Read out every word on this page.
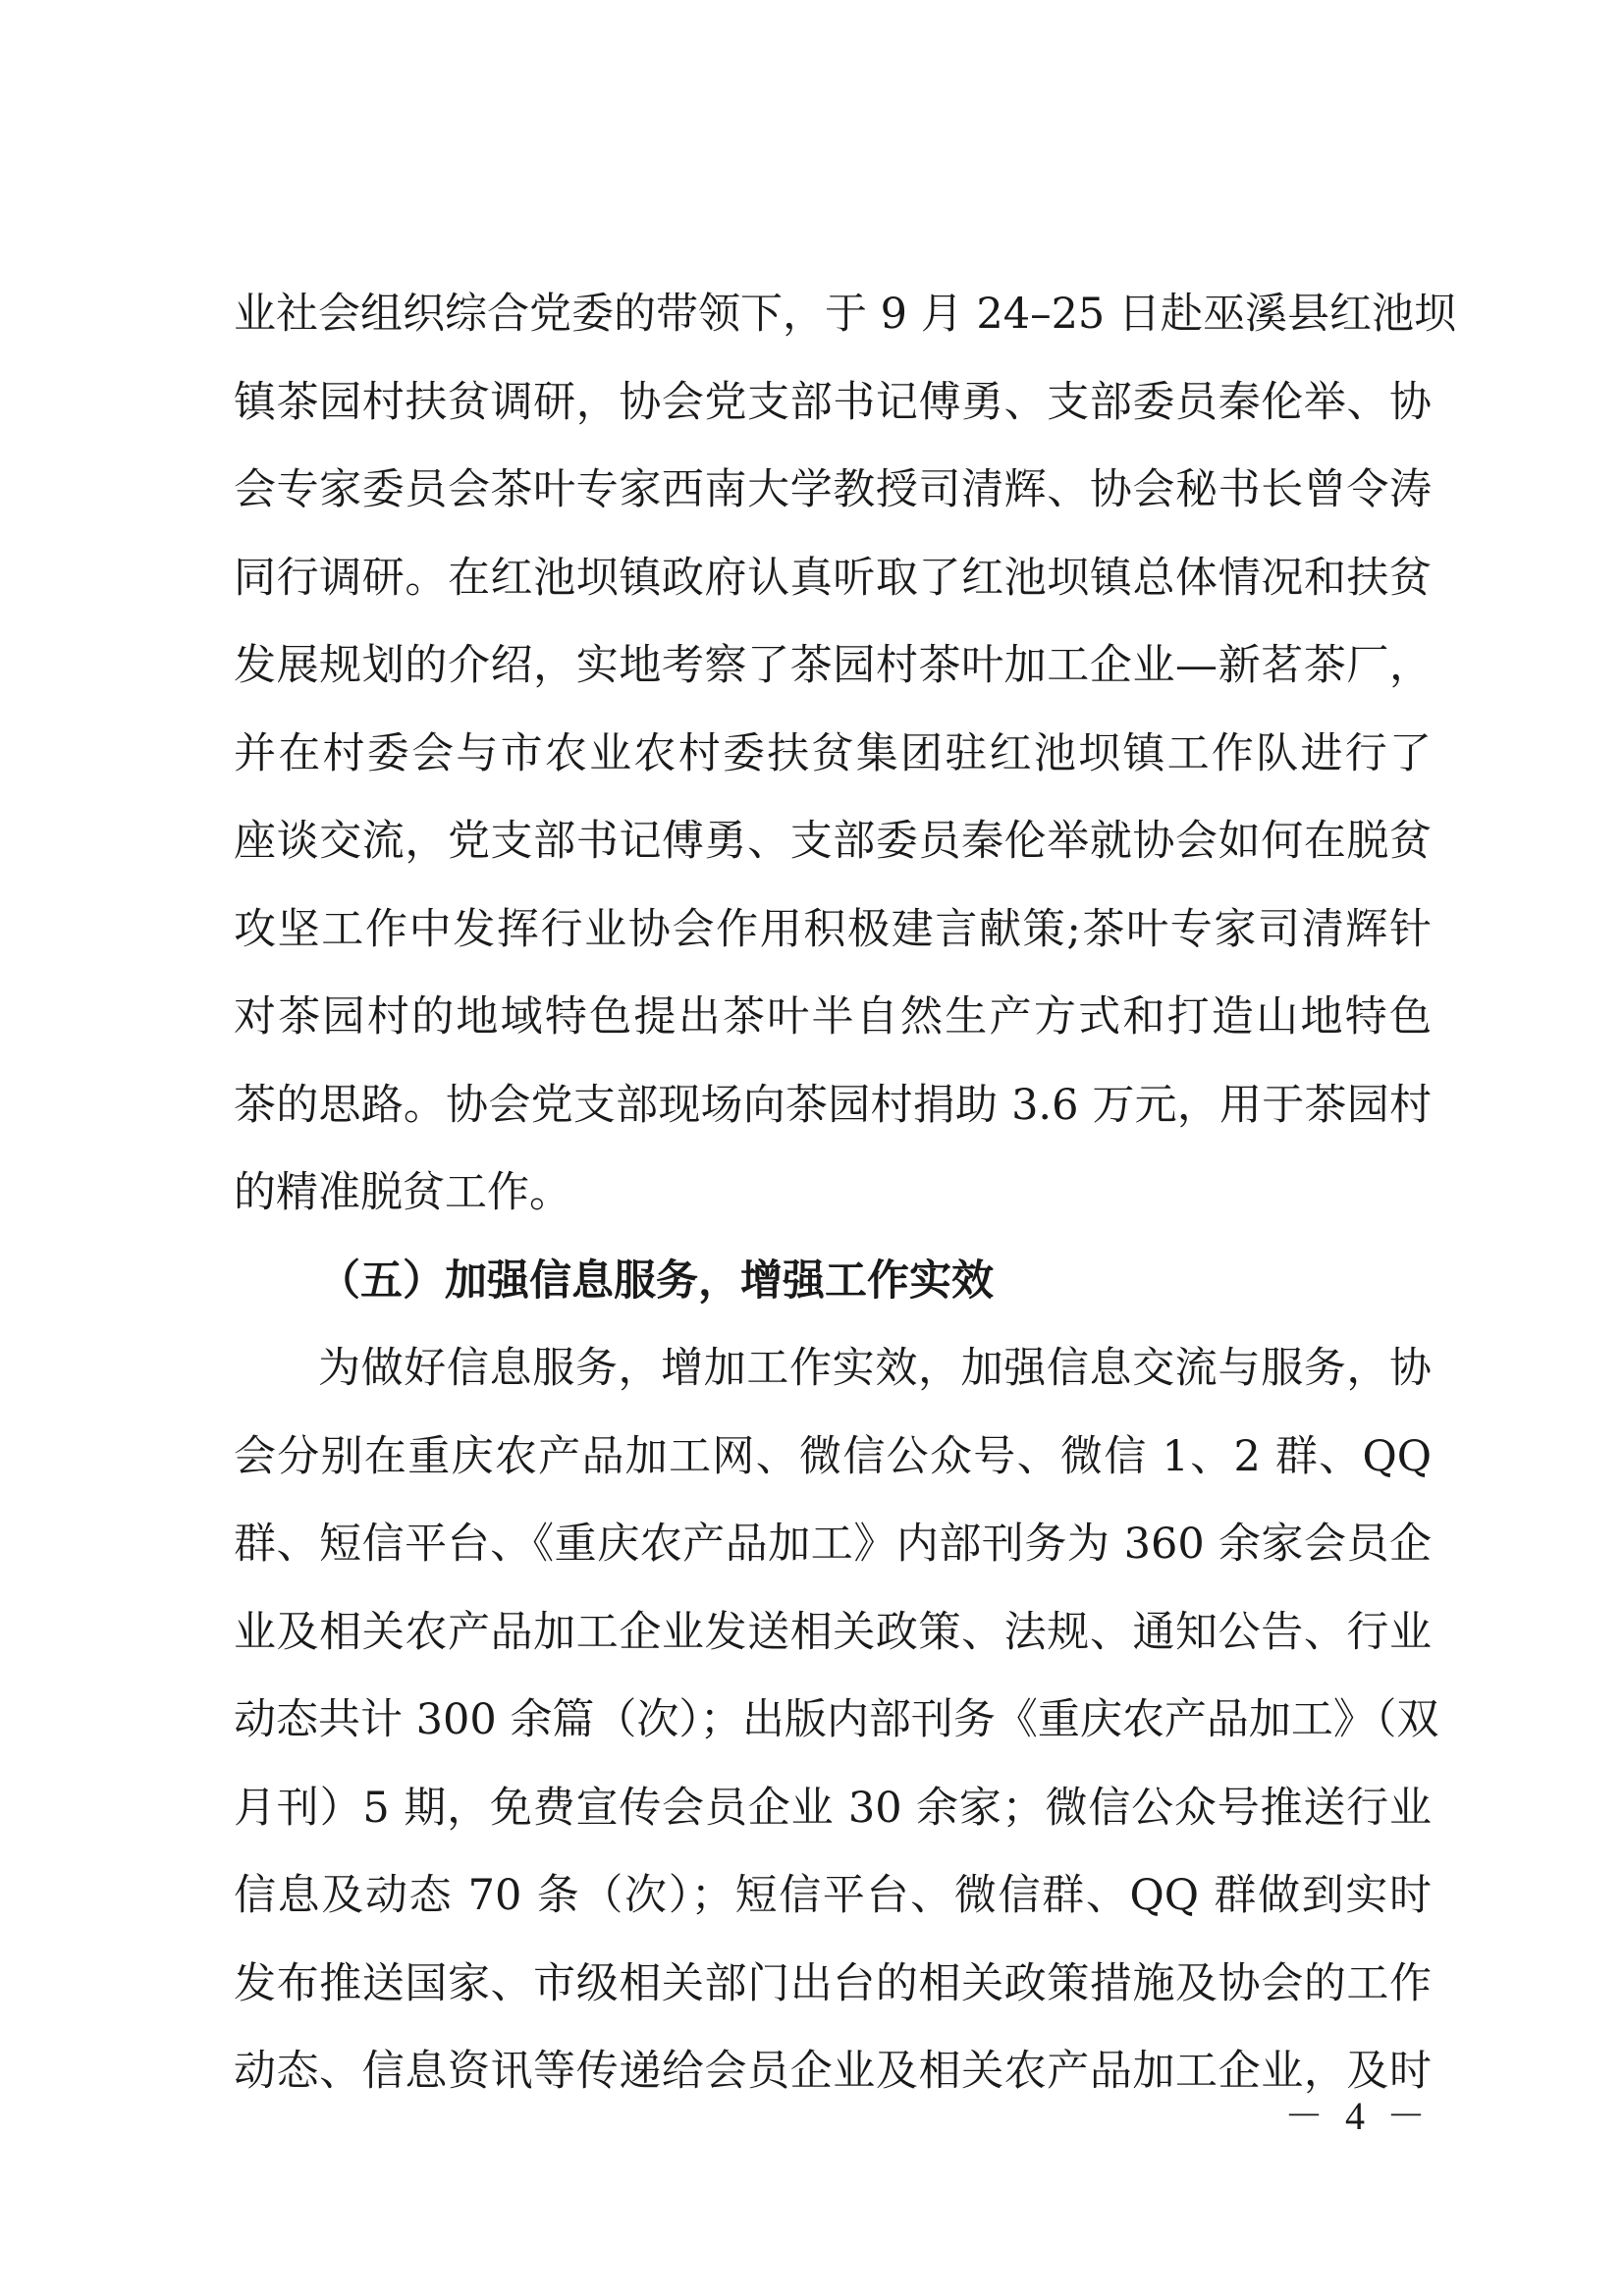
业社会组织综合党委的带领下，于 9 月 24–25 日赴巫溪县红池坝
镇茶园村扶贫调研，协会党支部书记傅勇、支部委员秦伦举、协
会专家委员会茶叶专家西南大学教授司清辉、协会秘书长曾令涛
同行调研。在红池坝镇政府认真听取了红池坝镇总体情况和扶贫
发展规划的介绍，实地考察了茶园村茶叶加工企业—新茗茶厂，
并在村委会与市农业农村委扶贫集团驻红池坝镇工作队进行了
座谈交流，党支部书记傅勇、支部委员秦伦举就协会如何在脱贫
攻坚工作中发挥行业协会作用积极建言献策;茶叶专家司清辉针
对茶园村的地域特色提出茶叶半自然生产方式和打造山地特色
茶的思路。协会党支部现场向茶园村捐助 3.6 万元，用于茶园村
的精准脱贫工作。
（五）加强信息服务，增强工作实效
为做好信息服务，增加工作实效，加强信息交流与服务，协
会分别在重庆农产品加工网、微信公众号、微信 1、2 群、QQ
群、短信平台、《重庆农产品加工》内部刊务为 360 余家会员企
业及相关农产品加工企业发送相关政策、法规、通知公告、行业
动态共计 300 余篇（次）；出版内部刊务《重庆农产品加工》（双
月刊）5 期，免费宣传会员企业 30 余家；微信公众号推送行业
信息及动态 70 条（次）；短信平台、微信群、QQ 群做到实时
发布推送国家、市级相关部门出台的相关政策措施及协会的工作
动态、信息资讯等传递给会员企业及相关农产品加工企业，及时
－ 4 －
